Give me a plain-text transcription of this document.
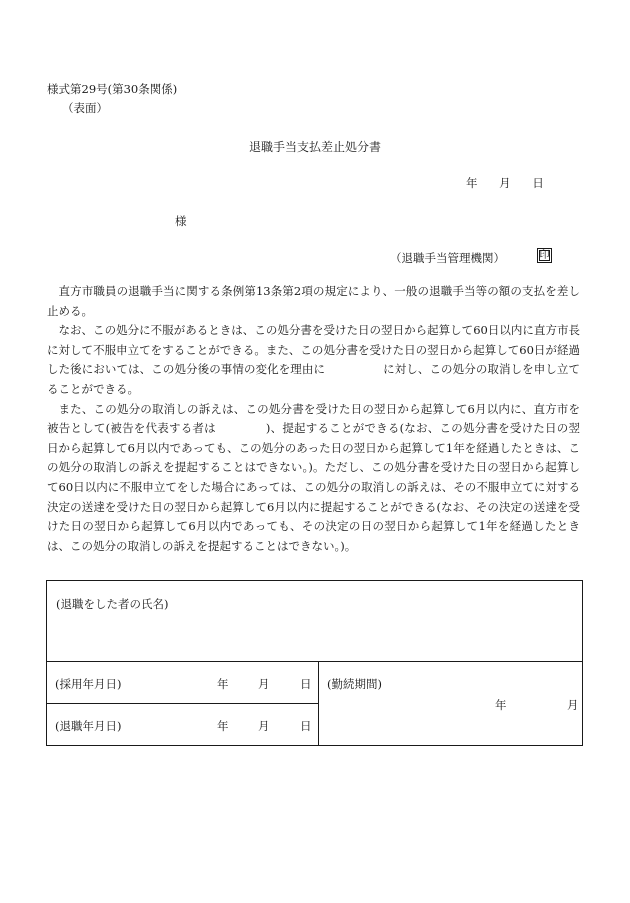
様式第29号(第30条関係)
（表面）
退職手当支払差止処分書
年 月 日
様
（退職手当管理機関）	印

直方市職員の退職手当に関する条例第13条第2項の規定により、一般の退職手当等の額の支払を差し止める。

なお、この処分に不服があるときは、この処分書を受けた日の翌日から起算して60日以内に直方市長に対して不服申立てをすることができる。また、この処分書を受けた日の翌日から起算して60日が経過した後においては、この処分後の事情の変化を理由に	に対し、この処分の取消しを申し立てることができる。

また、この処分の取消しの訴えは、この処分書を受けた日の翌日から起算して6月以内に、直方市を被告として(被告を代表する者は	)、提起することができる(なお、この処分書を受けた日の翌日から起算して6月以内であっても、この処分のあった日の翌日から起算して1年を経過したときは、この処分の取消しの訴えを提起することはできない。)。ただし、この処分書を受けた日の翌日から起算して60日以内に不服申立てをした場合にあっては、この処分の取消しの訴えは、その不服申立てに対する決定の送達を受けた日の翌日から起算して6月以内に提起することができる(なお、その決定の送達を受けた日の翌日から起算して6月以内であっても、その決定の日の翌日から起算して1年を経過したときは、この処分の取消しの訴えを提起することはできない。)。

(退職をした者の氏名)

(採用年月日)	年	月	日	(勤続期間)
年	月

(退職年月日)	年	月	日
